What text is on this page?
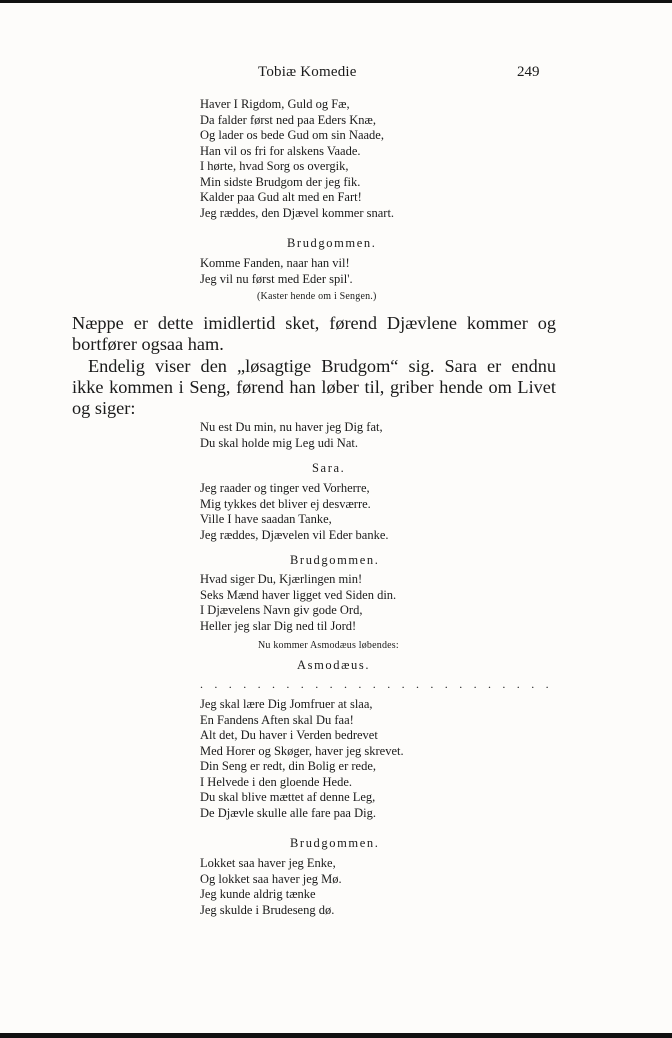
Tobiæ Komedie	249
Haver I Rigdom, Guld og Fæ,
Da falder først ned paa Eders Knæ,
Og lader os bede Gud om sin Naade,
Han vil os fri for alskens Vaade.
I hørte, hvad Sorg os overgik,
Min sidste Brudgom der jeg fik.
Kalder paa Gud alt med en Fart!
Jeg ræddes, den Djævel kommer snart.
Brudgommen.
Komme Fanden, naar han vil!
Jeg vil nu først med Eder spil'.
(Kaster hende om i Sengen.)
Næppe er dette imidlertid sket, førend Djævlene kommer og
bortfører ogsaa ham.
Endelig viser den „løsagtige Brudgom“ sig. Sara er endnu
ikke kommen i Seng, førend han løber til, griber hende om Livet
og siger:
Nu est Du min, nu haver jeg Dig fat,
Du skal holde mig Leg udi Nat.
Sara.
Jeg raader og tinger ved Vorherre,
Mig tykkes det bliver ej desværre.
Ville I have saadan Tanke,
Jeg ræddes, Djævelen vil Eder banke.
Brudgommen.
Hvad siger Du, Kjærlingen min!
Seks Mænd haver ligget ved Siden din.
I Djævelens Navn giv gode Ord,
Heller jeg slar Dig ned til Jord!
Nu kommer Asmodæus løbendes:
Asmodæus.
. . . . . . . . . . . . . . . . . . . . . . . . .
Jeg skal lære Dig Jomfruer at slaa,
En Fandens Aften skal Du faa!
Alt det, Du haver i Verden bedrevet
Med Horer og Skøger, haver jeg skrevet.
Din Seng er redt, din Bolig er rede,
I Helvede i den gloende Hede.
Du skal blive mættet af denne Leg,
De Djævle skulle alle fare paa Dig.
Brudgommen.
Lokket saa haver jeg Enke,
Og lokket saa haver jeg Mø.
Jeg kunde aldrig tænke
Jeg skulde i Brudeseng dø.
